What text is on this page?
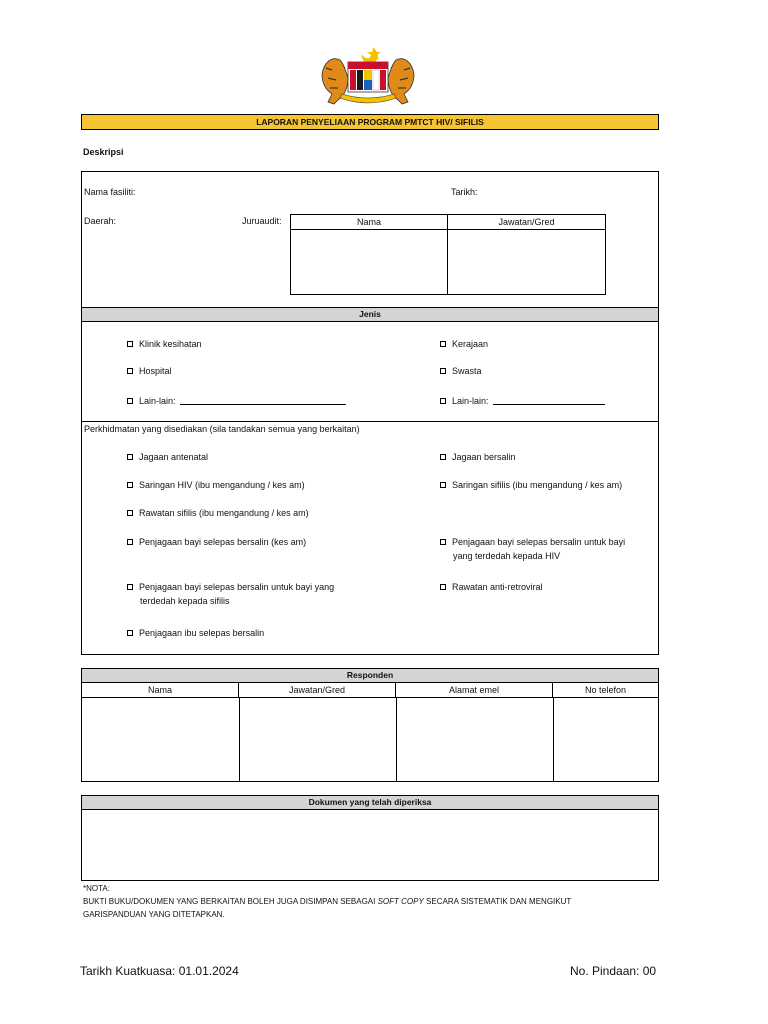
LAPORAN PENYELIAAN PROGRAM PMTCT HIV/ SIFILIS
Deskripsi
Nama fasiliti:	Tarikh:
Daerah:	Juruaudit:	Nama	Jawatan/Gred
Jenis
Klinik kesihatan
Hospital
Lain-lain:
Kerajaan
Swasta
Lain-lain:
Perkhidmatan yang disediakan (sila tandakan semua yang berkaitan)
Jagaan antenatal
Saringan HIV (ibu mengandung / kes am)
Rawatan sifilis (ibu mengandung / kes am)
Penjagaan bayi selepas bersalin (kes am)
Penjagaan bayi selepas bersalin untuk bayi yang
terdedah kepada sifilis
Penjagaan ibu selepas bersalin
Jagaan bersalin
Saringan sifilis (ibu mengandung / kes am)
Penjagaan bayi selepas bersalin untuk bayi
yang terdedah kepada HIV
Rawatan anti-retroviral
Responden
Nama	Jawatan/Gred	Alamat emel	No telefon
Dokumen yang telah diperiksa
*NOTA:
BUKTI BUKU/DOKUMEN YANG BERKAITAN BOLEH JUGA DISIMPAN SEBAGAI SOFT COPY SECARA SISTEMATIK DAN MENGIKUT
GARISPANDUAN YANG DITETAPKAN.
Tarikh Kuatkuasa: 01.01.2024	No. Pindaan: 00
